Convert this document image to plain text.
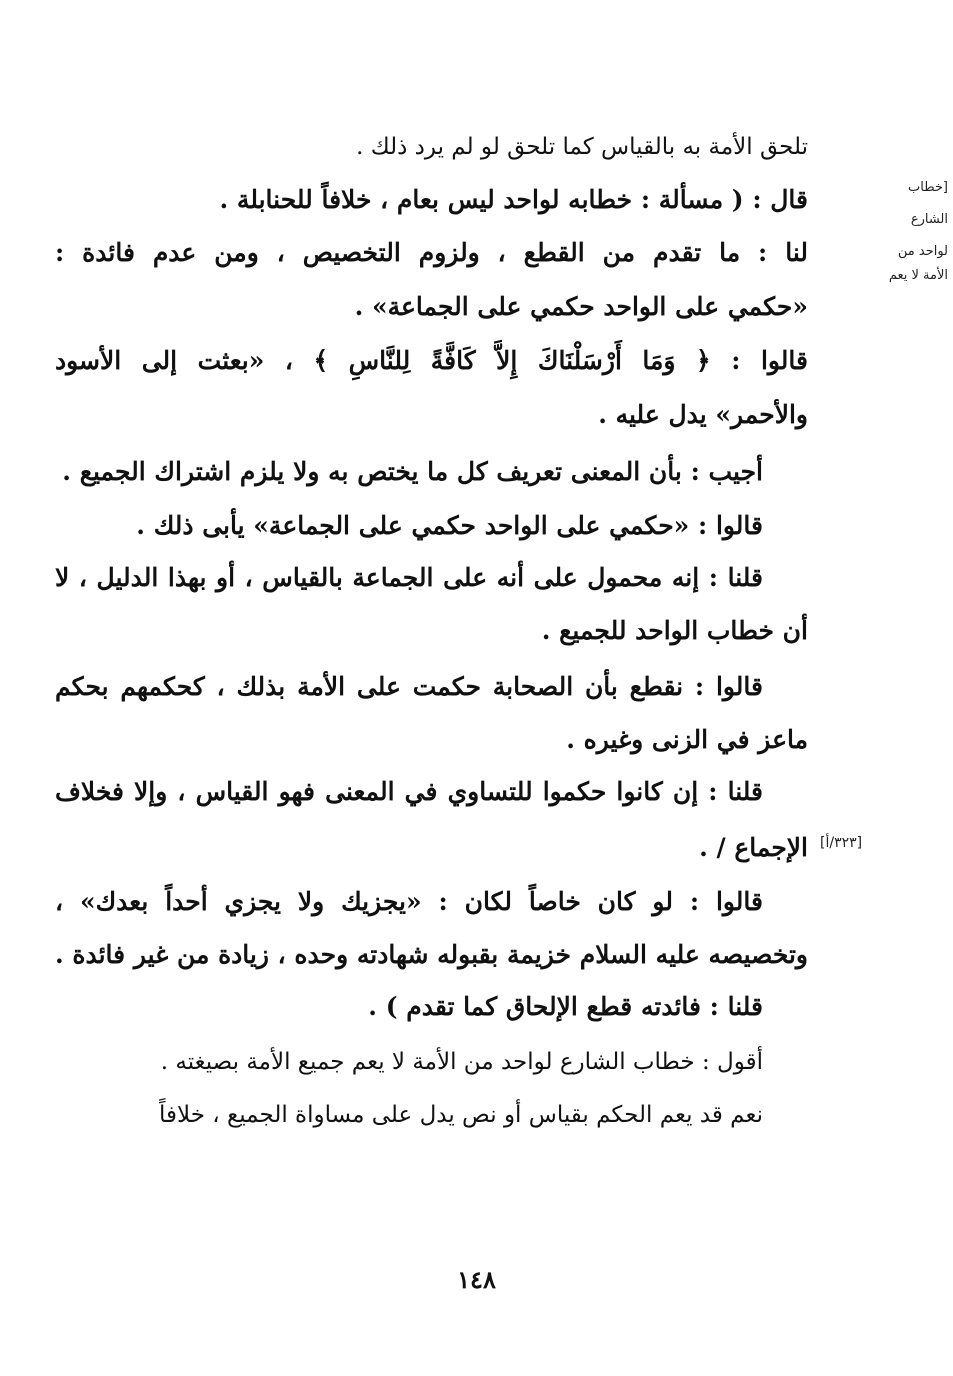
تلحق الأمة به بالقياس كما تلحق لو لم يرد ذلك .
قال : ( مسألة : خطابه لواحد ليس بعام ، خلافاً للحنابلة .
لنا : ما تقدم من القطع ، ولزوم التخصيص ، ومن عدم فائدة :
«حكمي على الواحد حكمي على الجماعة» .
قالوا : ﴿ وَمَا أَرْسَلْنَاكَ إِلاَّ كَافَّةً لِلنَّاسِ ﴾ ، «بعثت إلى الأسود
والأحمر» يدل عليه .
أجيب : بأن المعنى تعريف كل ما يختص به ولا يلزم اشتراك الجميع .
قالوا : «حكمي على الواحد حكمي على الجماعة» يأبى ذلك .
قلنا : إنه محمول على أنه على الجماعة بالقياس ، أو بهذا الدليل ، لا
أن خطاب الواحد للجميع .
قالوا : نقطع بأن الصحابة حكمت على الأمة بذلك ، كحكمهم بحكم
ماعز في الزنى وغيره .
قلنا : إن كانوا حكموا للتساوي في المعنى فهو القياس ، وإلا فخلاف
الإجماع / .
قالوا : لو كان خاصاً لكان : «يجزيك ولا يجزي أحداً بعدك» ،
وتخصيصه عليه السلام خزيمة بقبوله شهادته وحده ، زيادة من غير فائدة .
قلنا : فائدته قطع الإلحاق كما تقدم ) .
أقول : خطاب الشارع لواحد من الأمة لا يعم جميع الأمة بصيغته .
نعم قد يعم الحكم بقياس أو نص يدل على مساواة الجميع ، خلافاً
[خطاب
الشارع
لواحد من
الأمة لا يعم
[٣٢٣/أ]
١٤٨
